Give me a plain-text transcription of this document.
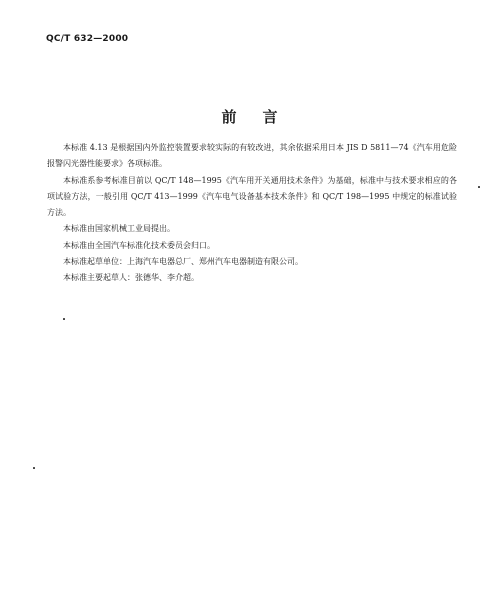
QC/T 632—2000
前言

本标准 4.13 是根据国内外监控装置要求较实际的有较改进，其余依据采用日本 JIS D 5811—74《汽车用危险报警闪光器性能要求》各项标准。

本标准系参考标准目前以 QC/T 148—1995《汽车用开关通用技术条件》为基础，标准中与技术要求相应的各项试验方法，一般引用 QC/T 413—1999《汽车电气设备基本技术条件》和 QC/T 198—1995 中规定的标准试验方法。

本标准由国家机械工业局提出。

本标准由全国汽车标准化技术委员会归口。

本标准起草单位：上海汽车电器总厂、郑州汽车电器制造有限公司。

本标准主要起草人：张德华、李介超。
